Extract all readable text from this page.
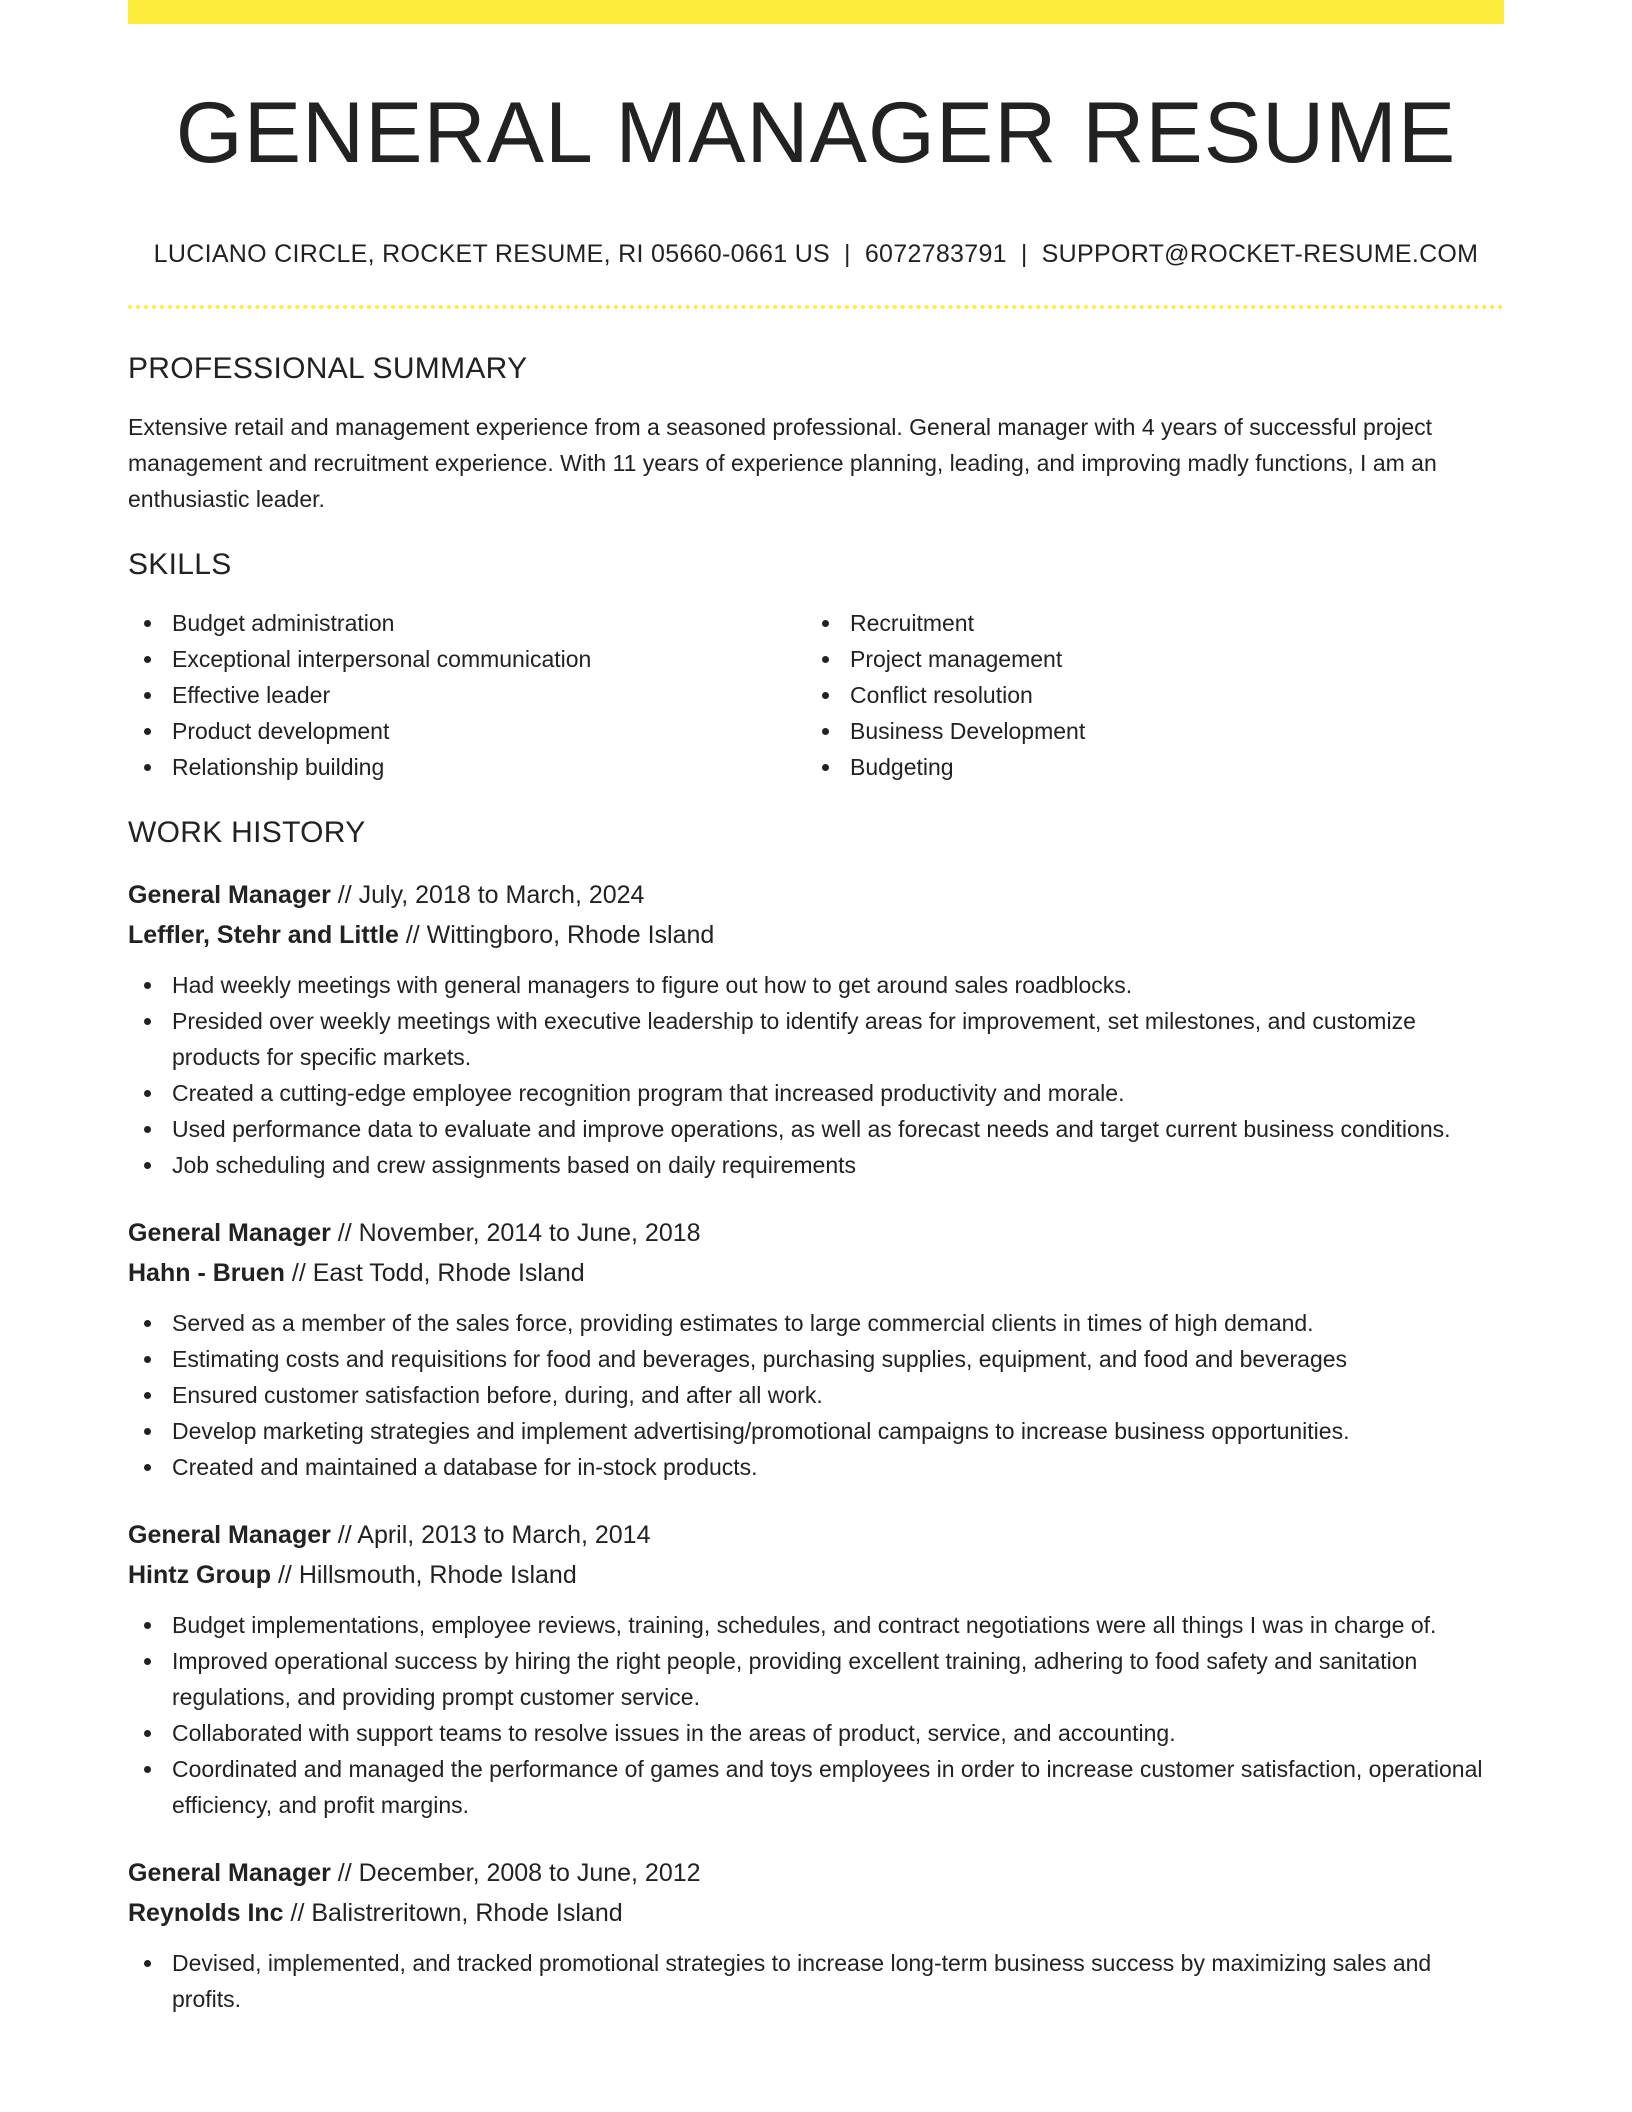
GENERAL MANAGER RESUME
LUCIANO CIRCLE, ROCKET RESUME, RI 05660-0661 US | 6072783791 | SUPPORT@ROCKET-RESUME.COM
PROFESSIONAL SUMMARY

Extensive retail and management experience from a seasoned professional. General manager with 4 years of successful project management and recruitment experience. With 11 years of experience planning, leading, and improving madly functions, I am an enthusiastic leader.

SKILLS
Budget administration
Exceptional interpersonal communication
Effective leader
Product development
Relationship building
Recruitment
Project management
Conflict resolution
Business Development
Budgeting
WORK HISTORY
General Manager // July, 2018 to March, 2024
Leffler, Stehr and Little // Wittingboro, Rhode Island
Had weekly meetings with general managers to figure out how to get around sales roadblocks.
Presided over weekly meetings with executive leadership to identify areas for improvement, set milestones, and customize products for specific markets.
Created a cutting-edge employee recognition program that increased productivity and morale.
Used performance data to evaluate and improve operations, as well as forecast needs and target current business conditions.
Job scheduling and crew assignments based on daily requirements
General Manager // November, 2014 to June, 2018
Hahn - Bruen // East Todd, Rhode Island
Served as a member of the sales force, providing estimates to large commercial clients in times of high demand.
Estimating costs and requisitions for food and beverages, purchasing supplies, equipment, and food and beverages
Ensured customer satisfaction before, during, and after all work.
Develop marketing strategies and implement advertising/promotional campaigns to increase business opportunities.
Created and maintained a database for in-stock products.
General Manager // April, 2013 to March, 2014
Hintz Group // Hillsmouth, Rhode Island
Budget implementations, employee reviews, training, schedules, and contract negotiations were all things I was in charge of.
Improved operational success by hiring the right people, providing excellent training, adhering to food safety and sanitation regulations, and providing prompt customer service.
Collaborated with support teams to resolve issues in the areas of product, service, and accounting.
Coordinated and managed the performance of games and toys employees in order to increase customer satisfaction, operational efficiency, and profit margins.
General Manager // December, 2008 to June, 2012
Reynolds Inc // Balistreritown, Rhode Island
Devised, implemented, and tracked promotional strategies to increase long-term business success by maximizing sales and profits.
